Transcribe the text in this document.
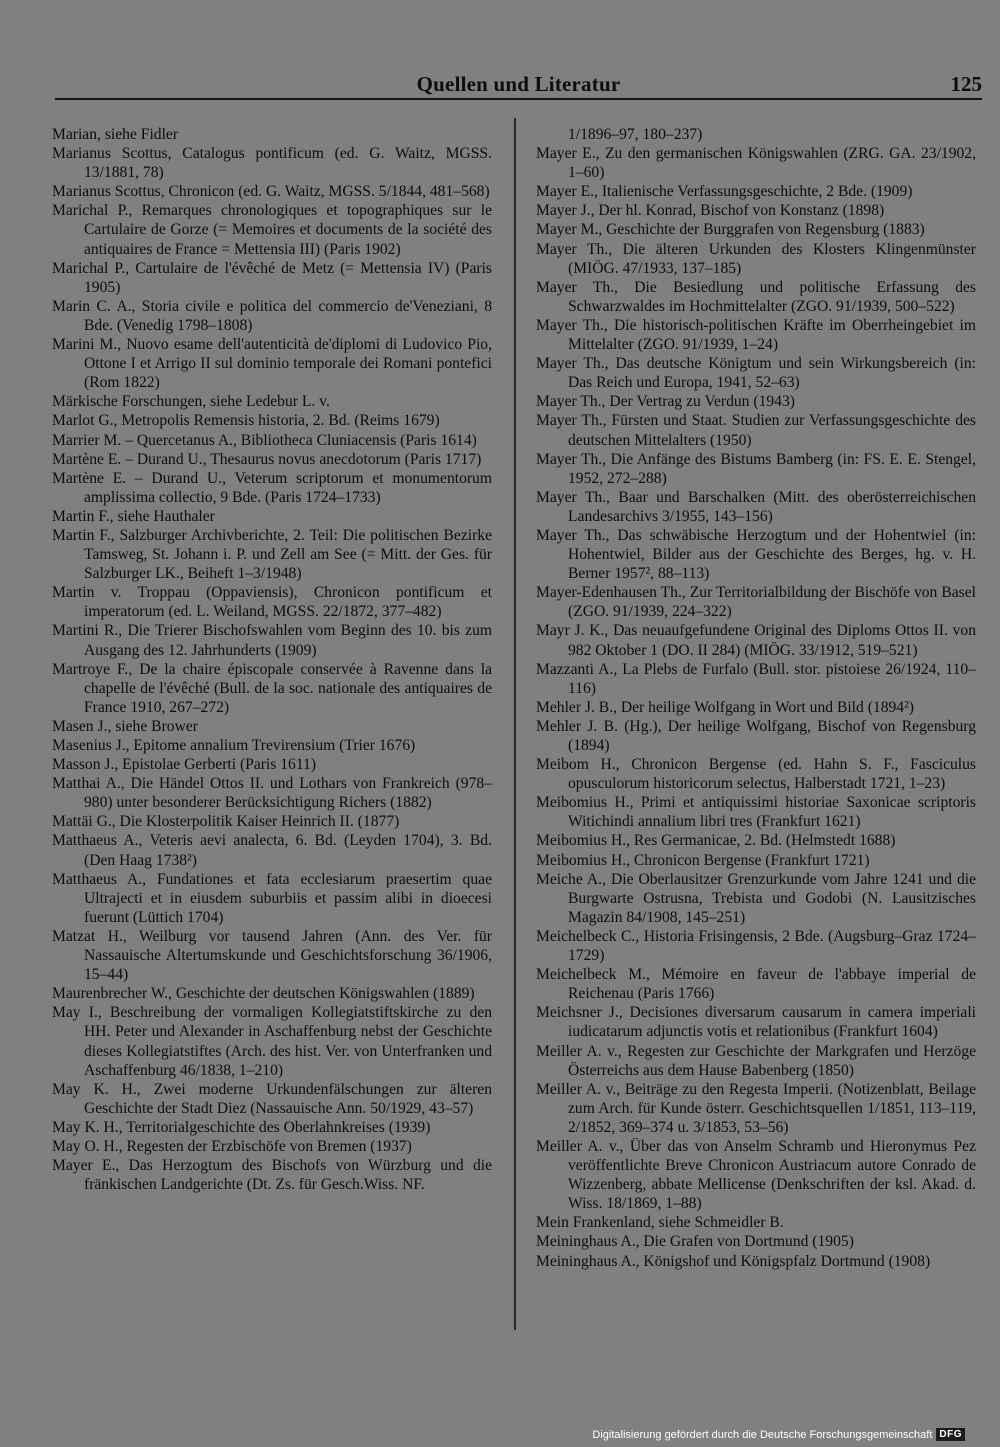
Quellen und Literatur	125
Marian, siehe Fidler
Marianus Scottus, Catalogus pontificum (ed. G. Waitz, MGSS. 13/1881, 78)
Marianus Scottus, Chronicon (ed. G. Waitz, MGSS. 5/1844, 481–568)
Marichal P., Remarques chronologiques et topographiques sur le Cartulaire de Gorze (= Memoires et documents de la société des antiquaires de France = Mettensia III) (Paris 1902)
Marichal P., Cartulaire de l'évêché de Metz (= Mettensia IV) (Paris 1905)
Marin C. A., Storia civile e politica del commercio de'Veneziani, 8 Bde. (Venedig 1798–1808)
Marini M., Nuovo esame dell'autenticità de'diplomi di Ludovico Pio, Ottone I et Arrigo II sul dominio temporale dei Romani pontefici (Rom 1822)
Märkische Forschungen, siehe Ledebur L. v.
Marlot G., Metropolis Remensis historia, 2. Bd. (Reims 1679)
Marrier M. – Quercetanus A., Bibliotheca Cluniacensis (Paris 1614)
Martène E. – Durand U., Thesaurus novus anecdotorum (Paris 1717)
Martène E. – Durand U., Veterum scriptorum et monumentorum amplissima collectio, 9 Bde. (Paris 1724–1733)
Martin F., siehe Hauthaler
Martin F., Salzburger Archivberichte, 2. Teil: Die politischen Bezirke Tamsweg, St. Johann i. P. und Zell am See (= Mitt. der Ges. für Salzburger LK., Beiheft 1–3/1948)
Martin v. Troppau (Oppaviensis), Chronicon pontificum et imperatorum (ed. L. Weiland, MGSS. 22/1872, 377–482)
Martini R., Die Trierer Bischofswahlen vom Beginn des 10. bis zum Ausgang des 12. Jahrhunderts (1909)
Martroye F., De la chaire épiscopale conservée à Ravenne dans la chapelle de l'évêché (Bull. de la soc. nationale des antiquaires de France 1910, 267–272)
Masen J., siehe Brower
Masenius J., Epitome annalium Trevirensium (Trier 1676)
Masson J., Epistolae Gerberti (Paris 1611)
Matthai A., Die Händel Ottos II. und Lothars von Frankreich (978–980) unter besonderer Berücksichtigung Richers (1882)
Mattäi G., Die Klosterpolitik Kaiser Heinrich II. (1877)
Matthaeus A., Veteris aevi analecta, 6. Bd. (Leyden 1704), 3. Bd. (Den Haag 1738²)
Matthaeus A., Fundationes et fata ecclesiarum praesertim quae Ultrajecti et in eiusdem suburbiis et passim alibi in dioecesi fuerunt (Lüttich 1704)
Matzat H., Weilburg vor tausend Jahren (Ann. des Ver. für Nassauische Altertumskunde und Geschichtsforschung 36/1906, 15–44)
Maurenbrecher W., Geschichte der deutschen Königswahlen (1889)
May I., Beschreibung der vormaligen Kollegiatstiftskirche zu den HH. Peter und Alexander in Aschaffenburg nebst der Geschichte dieses Kollegiatstiftes (Arch. des hist. Ver. von Unterfranken und Aschaffenburg 46/1838, 1–210)
May K. H., Zwei moderne Urkundenfälschungen zur älteren Geschichte der Stadt Diez (Nassauische Ann. 50/1929, 43–57)
May K. H., Territorialgeschichte des Oberlahnkreises (1939)
May O. H., Regesten der Erzbischöfe von Bremen (1937)
Mayer E., Das Herzogtum des Bischofs von Würzburg und die fränkischen Landgerichte (Dt. Zs. für Gesch.Wiss. NF.
1/1896–97, 180–237)
Mayer E., Zu den germanischen Königswahlen (ZRG. GA. 23/1902, 1–60)
Mayer E., Italienische Verfassungsgeschichte, 2 Bde. (1909)
Mayer J., Der hl. Konrad, Bischof von Konstanz (1898)
Mayer M., Geschichte der Burggrafen von Regensburg (1883)
Mayer Th., Die älteren Urkunden des Klosters Klingenmünster (MIÖG. 47/1933, 137–185)
Mayer Th., Die Besiedlung und politische Erfassung des Schwarzwaldes im Hochmittelalter (ZGO. 91/1939, 500–522)
Mayer Th., Die historisch-politischen Kräfte im Oberrheingebiet im Mittelalter (ZGO. 91/1939, 1–24)
Mayer Th., Das deutsche Königtum und sein Wirkungsbereich (in: Das Reich und Europa, 1941, 52–63)
Mayer Th., Der Vertrag zu Verdun (1943)
Mayer Th., Fürsten und Staat. Studien zur Verfassungsgeschichte des deutschen Mittelalters (1950)
Mayer Th., Die Anfänge des Bistums Bamberg (in: FS. E. E. Stengel, 1952, 272–288)
Mayer Th., Baar und Barschalken (Mitt. des oberösterreichischen Landesarchivs 3/1955, 143–156)
Mayer Th., Das schwäbische Herzogtum und der Hohentwiel (in: Hohentwiel, Bilder aus der Geschichte des Berges, hg. v. H. Berner 1957², 88–113)
Mayer-Edenhausen Th., Zur Territorialbildung der Bischöfe von Basel (ZGO. 91/1939, 224–322)
Mayr J. K., Das neuaufgefundene Original des Diploms Ottos II. von 982 Oktober 1 (DO. II 284) (MIÖG. 33/1912, 519–521)
Mazzanti A., La Plebs de Furfalo (Bull. stor. pistoiese 26/1924, 110–116)
Mehler J. B., Der heilige Wolfgang in Wort und Bild (1894²)
Mehler J. B. (Hg.), Der heilige Wolfgang, Bischof von Regensburg (1894)
Meibom H., Chronicon Bergense (ed. Hahn S. F., Fasciculus opusculorum historicorum selectus, Halberstadt 1721, 1–23)
Meibomius H., Primi et antiquissimi historiae Saxonicae scriptoris Witichindi annalium libri tres (Frankfurt 1621)
Meibomius H., Res Germanicae, 2. Bd. (Helmstedt 1688)
Meibomius H., Chronicon Bergense (Frankfurt 1721)
Meiche A., Die Oberlausitzer Grenzurkunde vom Jahre 1241 und die Burgwarte Ostrusna, Trebista und Godobi (N. Lausitzisches Magazin 84/1908, 145–251)
Meichelbeck C., Historia Frisingensis, 2 Bde. (Augsburg–Graz 1724–1729)
Meichelbeck M., Mémoire en faveur de l'abbaye imperial de Reichenau (Paris 1766)
Meichsner J., Decisiones diversarum causarum in camera imperiali iudicatarum adjunctis votis et relationibus (Frankfurt 1604)
Meiller A. v., Regesten zur Geschichte der Markgrafen und Herzöge Österreichs aus dem Hause Babenberg (1850)
Meiller A. v., Beiträge zu den Regesta Imperii. (Notizenblatt, Beilage zum Arch. für Kunde österr. Geschichtsquellen 1/1851, 113–119, 2/1852, 369–374 u. 3/1853, 53–56)
Meiller A. v., Über das von Anselm Schramb und Hieronymus Pez veröffentlichte Breve Chronicon Austriacum autore Conrado de Wizzenberg, abbate Mellicense (Denkschriften der ksl. Akad. d. Wiss. 18/1869, 1–88)
Mein Frankenland, siehe Schmeidler B.
Meininghaus A., Die Grafen von Dortmund (1905)
Meininghaus A., Königshof und Königspfalz Dortmund (1908)
Digitalisierung gefördert durch die Deutsche Forschungsgemeinschaft DFG
